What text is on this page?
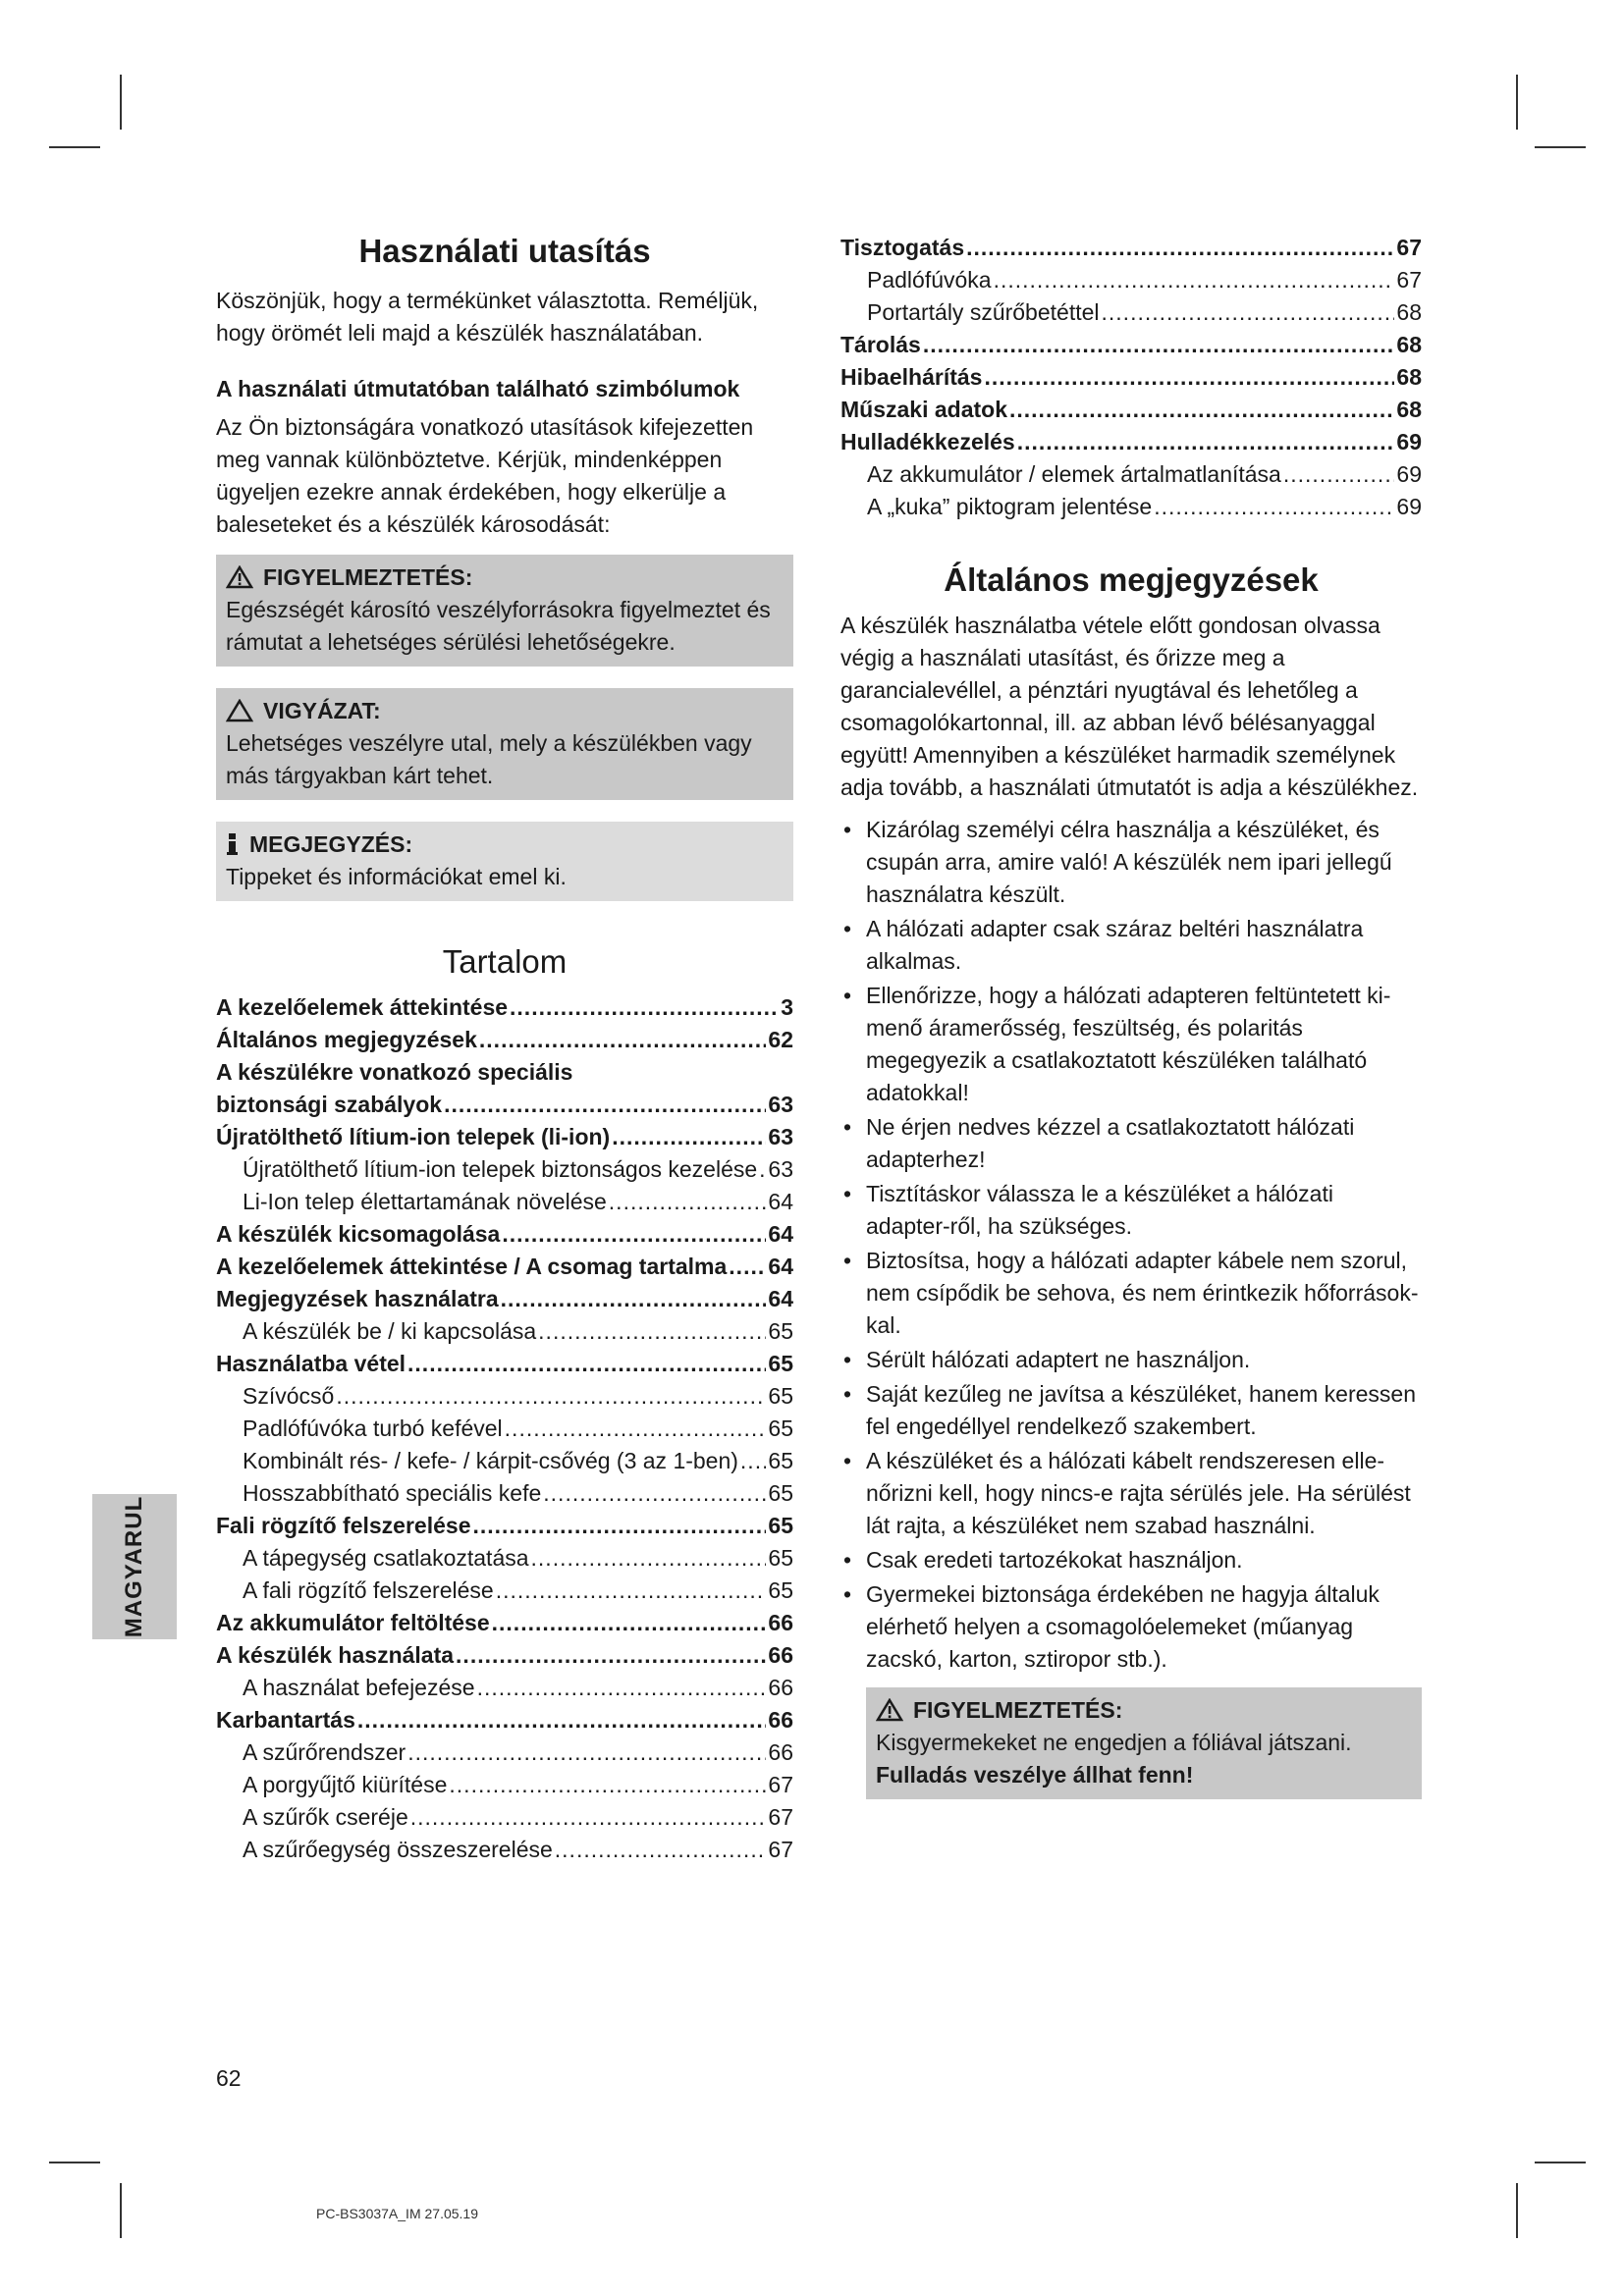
Használati utasítás

Köszönjük, hogy a termékünket választotta. Reméljük, hogy örömét leli majd a készülék használatában.

A használati útmutatóban található szimbólumok

Az Ön biztonságára vonatkozó utasítások kifejezetten meg vannak különböztetve. Kérjük, mindenképpen ügyeljen ezekre annak érdekében, hogy elkerülje a baleseteket és a készülék károsodását:

FIGYELMEZTETÉS:
Egészségét károsító veszélyforrásokra figyelmeztet és rámutat a lehetséges sérülési lehetőségekre.
VIGYÁZAT:
Lehetséges veszélyre utal, mely a készülékben vagy más tárgyakban kárt tehet.
MEGJEGYZÉS:
Tippeket és információkat emel ki.
Tartalom
A kezelőelemek áttekintése .....	3
Általános megjegyzések .....	62
A készülékre vonatkozó speciális
biztonsági szabályok .....	63
Újratölthető lítium-ion telepek (li-ion) .....	63
Újratölthető lítium-ion telepek biztonságos kezelése ..... 63
Li-Ion telep élettartamának növelése .....	64
A készülék kicsomagolása .....	64
A kezelőelemek áttekintése / A csomag tartalma ..... 64
Megjegyzések használatra .....	64
A készülék be / ki kapcsolása .....	65
Használatba vétel .....	65
Szívócső .....	65
Padlófúvóka turbó kefével .....	65
Kombinált rés- / kefe- / kárpit-csővég (3 az 1-ben) ..... 65
Hosszabbítható speciális kefe .....	65
Fali rögzítő felszerelése .....	65
A tápegység csatlakoztatása .....	65
A fali rögzítő felszerelése .....	65
Az akkumulátor feltöltése .....	66
A készülék használata .....	66
A használat befejezése .....	66
Karbantartás .....	66
A szűrőrendszer .....	66
A porgyűjtő kiürítése .....	67
A szűrők cseréje .....	67
A szűrőegység összeszerelése .....	67
Tisztogatás .....	67
Padlófúvóka .....	67
Portartály szűrőbetéttel .....	68
Tárolás .....	68
Hibaelhárítás .....	68
Műszaki adatok .....	68
Hulladékkezelés .....	69
Az akkumulátor / elemek ártalmatlanítása .....	69
A „kuka” piktogram jelentése .....	69
Általános megjegyzések

A készülék használatba vétele előtt gondosan olvassa végig a használati utasítást, és őrizze meg a garancialevéllel, a pénztári nyugtával és lehetőleg a csomagolókartonnal, ill. az abban lévő bélésanyaggal együtt! Amennyiben a készüléket harmadik személynek adja tovább, a használati útmutatót is adja a készülékhez.

• Kizárólag személyi célra használja a készüléket, és csupán arra, amire való! A készülék nem ipari jellegű használatra készült.
• A hálózati adapter csak száraz beltéri használatra alkalmas.
• Ellenőrizze, hogy a hálózati adapteren feltüntetett ki-menő áramerősség, feszültség, és polaritás megegyezik a csatlakoztatott készüléken található adatokkal!
• Ne érjen nedves kézzel a csatlakoztatott hálózati adapterhez!
• Tisztításkor válassza le a készüléket a hálózati adapter-ről, ha szükséges.
• Biztosítsa, hogy a hálózati adapter kábele nem szorul, nem csípődik be sehova, és nem érintkezik hőforrások-kal.
• Sérült hálózati adaptert ne használjon.
• Saját kezűleg ne javítsa a készüléket, hanem keressen fel engedéllyel rendelkező szakembert.
• A készüléket és a hálózati kábelt rendszeresen elle-nőrizni kell, hogy nincs-e rajta sérülés jele. Ha sérülést lát rajta, a készüléket nem szabad használni.
• Csak eredeti tartozékokat használjon.
• Gyermekei biztonsága érdekében ne hagyja általuk elérhető helyen a csomagolóelemeket (műanyag zacskó, karton, sztiropor stb.).
FIGYELMEZTETÉS:
Kisgyermekeket ne engedjen a fóliával játszani.
Fulladás veszélye állhat fenn!
MAGYARUL
62
PC-BS3037A_IM 27.05.19
